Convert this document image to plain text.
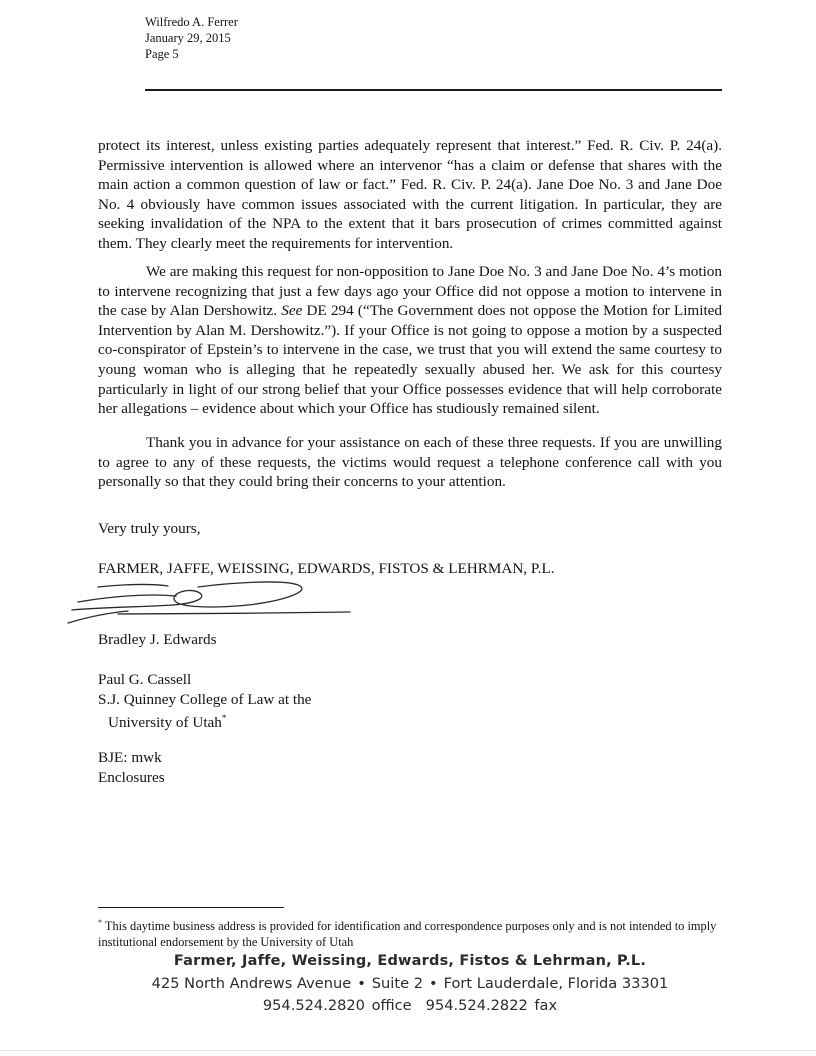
Wilfredo A. Ferrer
January 29, 2015
Page 5

protect its interest, unless existing parties adequately represent that interest.” Fed. R. Civ. P. 24(a). Permissive intervention is allowed where an intervenor “has a claim or defense that shares with the main action a common question of law or fact.” Fed. R. Civ. P. 24(a). Jane Doe No. 3 and Jane Doe No. 4 obviously have common issues associated with the current litigation. In particular, they are seeking invalidation of the NPA to the extent that it bars prosecution of crimes committed against them. They clearly meet the requirements for intervention.

We are making this request for non-opposition to Jane Doe No. 3 and Jane Doe No. 4’s motion to intervene recognizing that just a few days ago your Office did not oppose a motion to intervene in the case by Alan Dershowitz. See DE 294 (“The Government does not oppose the Motion for Limited Intervention by Alan M. Dershowitz.”). If your Office is not going to oppose a motion by a suspected co-conspirator of Epstein’s to intervene in the case, we trust that you will extend the same courtesy to young woman who is alleging that he repeatedly sexually abused her. We ask for this courtesy particularly in light of our strong belief that your Office possesses evidence that will help corroborate her allegations – evidence about which your Office has studiously remained silent.

Thank you in advance for your assistance on each of these three requests. If you are unwilling to agree to any of these requests, the victims would request a telephone conference call with you personally so that they could bring their concerns to your attention.

Very truly yours,
FARMER, JAFFE, WEISSING, EDWARDS, FISTOS & LEHRMAN, P.L.
Bradley J. Edwards
Paul G. Cassell
S.J. Quinney College of Law at the
University of Utah*
BJE: mwk
Enclosures
* This daytime business address is provided for identification and correspondence purposes only and is not intended to imply institutional endorsement by the University of Utah
Farmer, Jaffe, Weissing, Edwards, Fistos & Lehrman, P.L.
425 North Andrews Avenue • Suite 2 • Fort Lauderdale, Florida 33301
954.524.2820 office 954.524.2822 fax
